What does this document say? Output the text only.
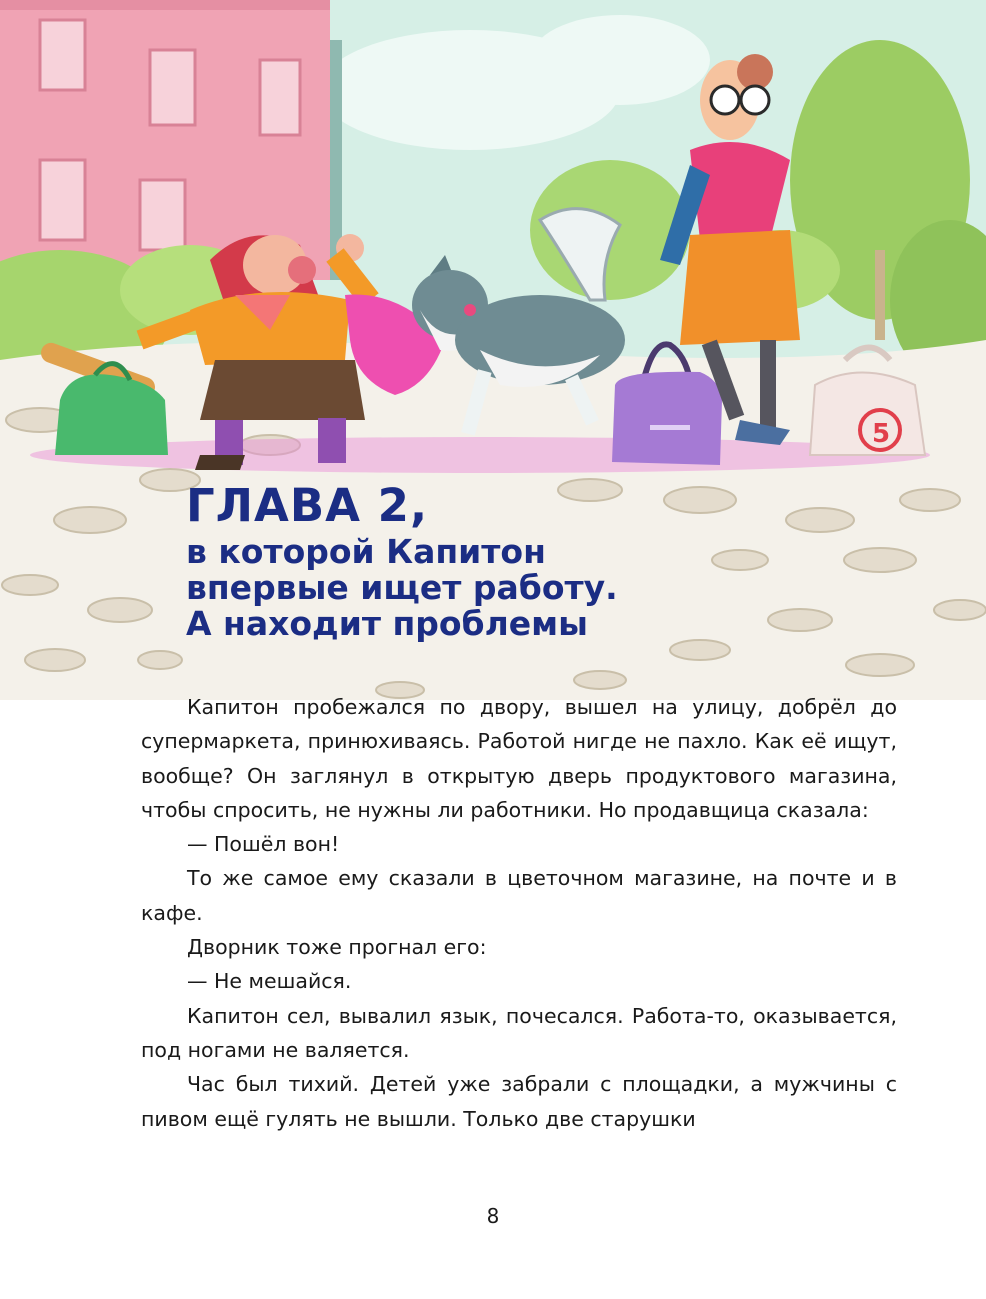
5
ГЛАВА 2,
в которой Капитон
впервые ищет работу.
А находит проблемы

Капитон пробежался по двору, вышел на улицу, добрёл до супермаркета, принюхиваясь. Работой нигде не пахло. Как её ищут, вообще? Он заглянул в открытую дверь продуктового магазина, чтобы спросить, не нужны ли работники. Но продавщица сказала:

— Пошёл вон!

То же самое ему сказали в цветочном магазине, на почте и в кафе.

Дворник тоже прогнал его:

— Не мешайся.

Капитон сел, вывалил язык, почесался. Работа-то, оказывается, под ногами не валяется.

Час был тихий. Детей уже забрали с площадки, а мужчины с пивом ещё гулять не вышли. Только две старушки

8
